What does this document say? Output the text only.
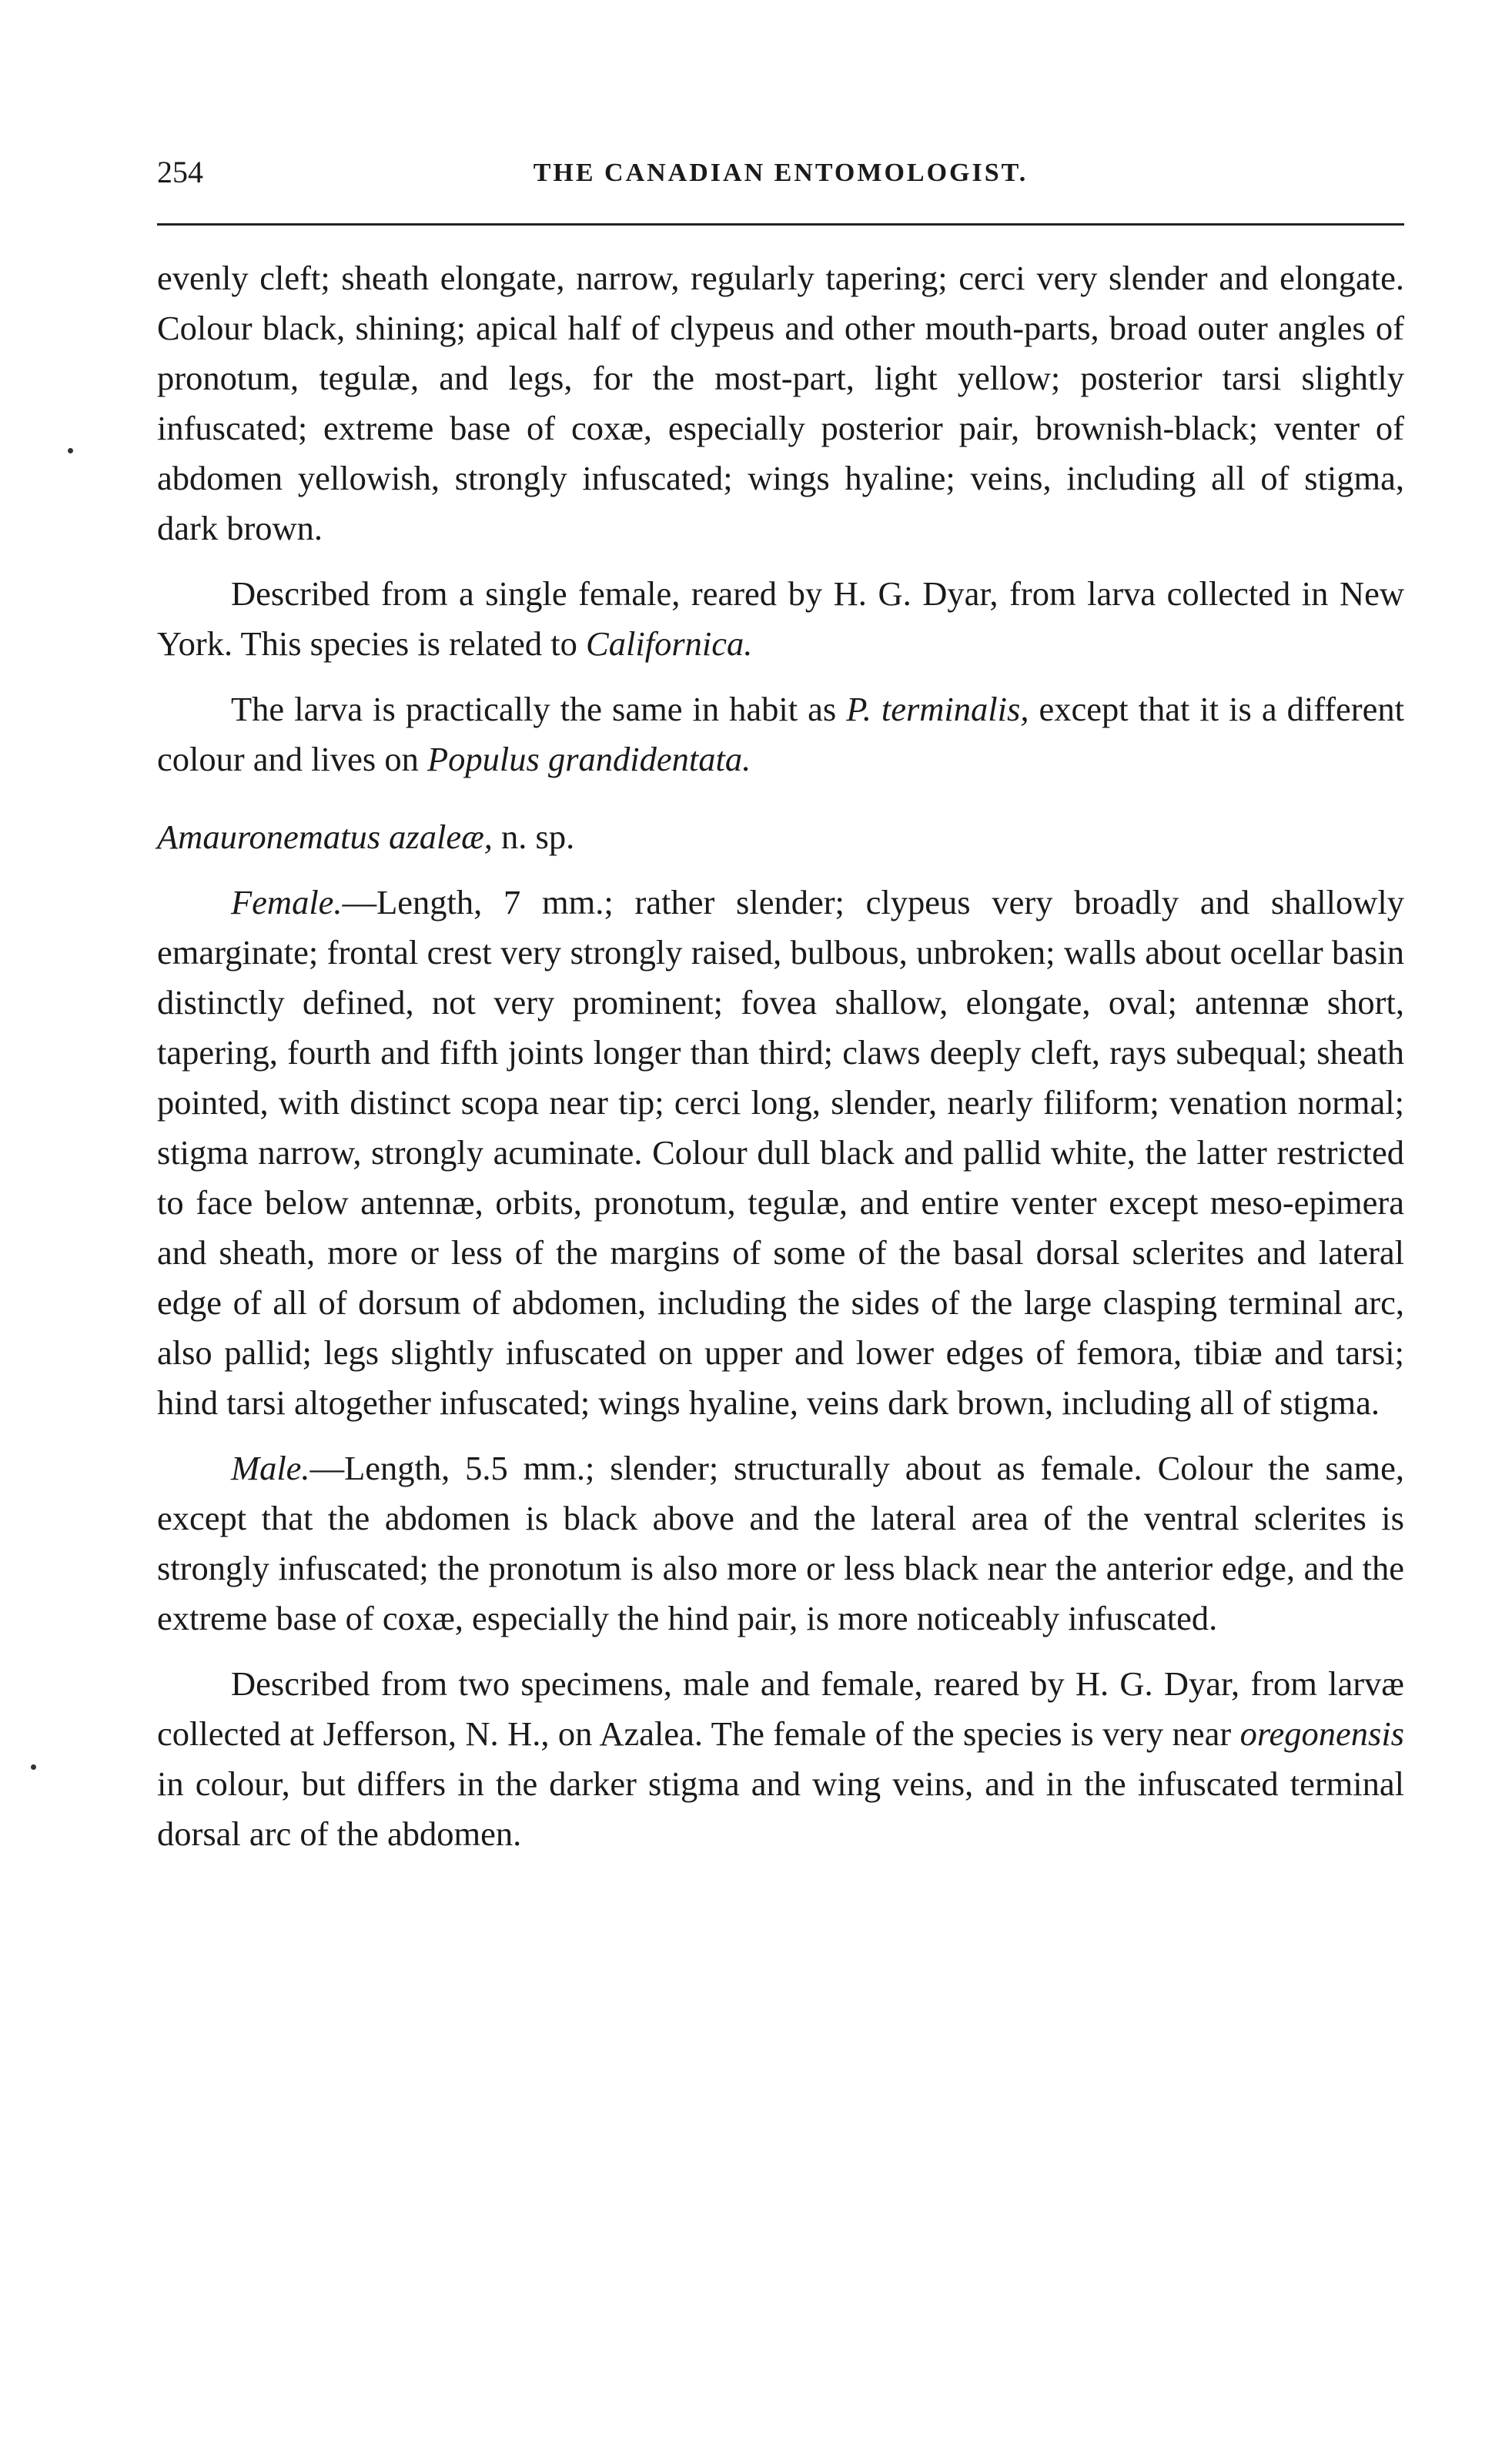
254	THE CANADIAN ENTOMOLOGIST.

evenly cleft; sheath elongate, narrow, regularly tapering; cerci very slender and elongate. Colour black, shining; apical half of clypeus and other mouth-parts, broad outer angles of pronotum, tegulæ, and legs, for the most-part, light yellow; posterior tarsi slightly infuscated; extreme base of coxæ, especially posterior pair, brownish-black; venter of abdomen yellowish, strongly infuscated; wings hyaline; veins, including all of stigma, dark brown.

Described from a single female, reared by H. G. Dyar, from larva collected in New York. This species is related to Californica.

The larva is practically the same in habit as P. terminalis, except that it is a different colour and lives on Populus grandidentata.

Amauronematus azaleæ, n. sp.

Female.—Length, 7 mm.; rather slender; clypeus very broadly and shallowly emarginate; frontal crest very strongly raised, bulbous, unbroken; walls about ocellar basin distinctly defined, not very prominent; fovea shallow, elongate, oval; antennæ short, tapering, fourth and fifth joints longer than third; claws deeply cleft, rays subequal; sheath pointed, with distinct scopa near tip; cerci long, slender, nearly filiform; venation normal; stigma narrow, strongly acuminate. Colour dull black and pallid white, the latter restricted to face below antennæ, orbits, pronotum, tegulæ, and entire venter except meso-epimera and sheath, more or less of the margins of some of the basal dorsal sclerites and lateral edge of all of dorsum of abdomen, including the sides of the large clasping terminal arc, also pallid; legs slightly infuscated on upper and lower edges of femora, tibiæ and tarsi; hind tarsi altogether infuscated; wings hyaline, veins dark brown, including all of stigma.

Male.—Length, 5.5 mm.; slender; structurally about as female. Colour the same, except that the abdomen is black above and the lateral area of the ventral sclerites is strongly infuscated; the pronotum is also more or less black near the anterior edge, and the extreme base of coxæ, especially the hind pair, is more noticeably infuscated.

Described from two specimens, male and female, reared by H. G. Dyar, from larvæ collected at Jefferson, N. H., on Azalea. The female of the species is very near oregonensis in colour, but differs in the darker stigma and wing veins, and in the infuscated terminal dorsal arc of the abdomen.
